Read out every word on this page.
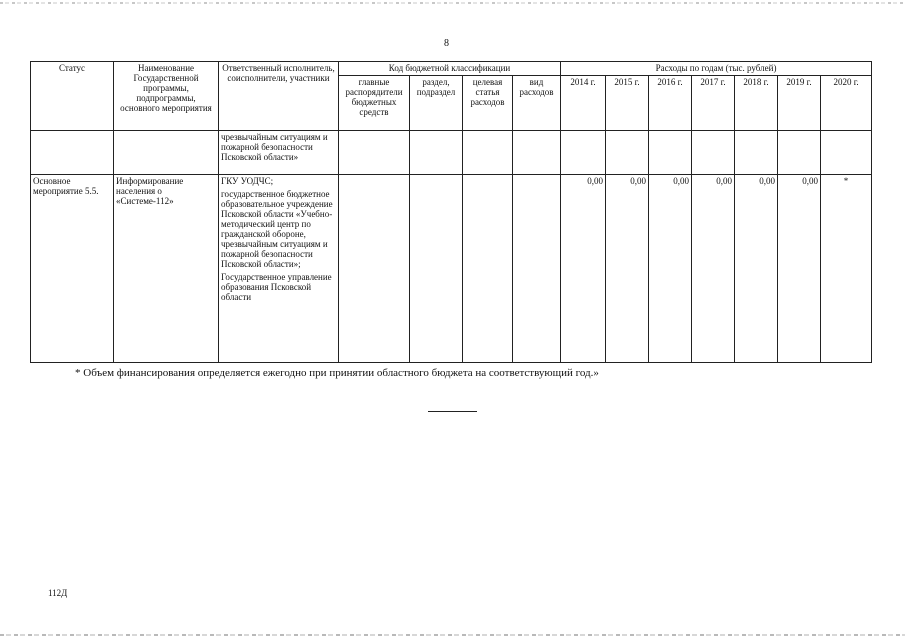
8
Статус	Наименование Государственной программы, подпрограммы, основного мероприятия	Ответственный исполнитель, соисполнители, участники	Код бюджетной классификации				Расходы по годам (тыс. рублей)						
			главные распорядители бюджетных средств	раздел, подраздел	целевая статья расходов	вид расходов	2014 г.	2015 г.	2016 г.	2017 г.	2018 г.	2019 г.	2020 г.
		чрезвычайным ситуациям и пожарной безопасности Псковской области»											
Основное мероприятие 5.5.	Информирование населения о «Системе-112»	ГКУ УОДЧС;
государственное бюджетное образовательное учреждение Псковской области «Учебно-методический центр по гражданской обороне, чрезвычайным ситуациям и пожарной безопасности Псковской области»;
Государственное управление образования Псковской области					0,00	0,00	0,00	0,00	0,00	0,00	*
* Объем финансирования определяется ежегодно при принятии областного бюджета на соответствующий год.»
112Д
